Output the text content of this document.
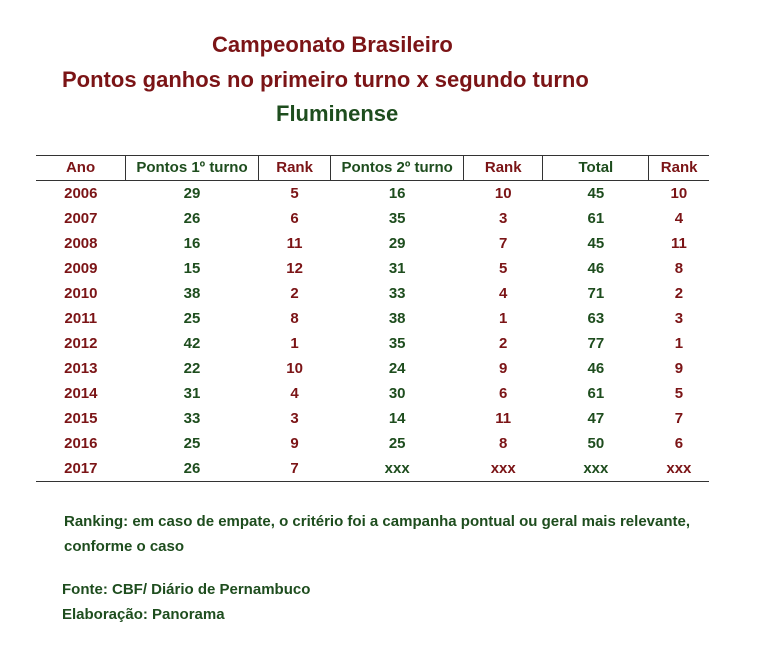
Campeonato Brasileiro
Pontos ganhos no primeiro turno x segundo turno
Fluminense
Ano	Pontos 1º turno	Rank	Pontos 2º turno	Rank	Total	Rank
2006	29	5	16	10	45	10
2007	26	6	35	3	61	4
2008	16	11	29	7	45	11
2009	15	12	31	5	46	8
2010	38	2	33	4	71	2
2011	25	8	38	1	63	3
2012	42	1	35	2	77	1
2013	22	10	24	9	46	9
2014	31	4	30	6	61	5
2015	33	3	14	11	47	7
2016	25	9	25	8	50	6
2017	26	7	xxx	xxx	xxx	xxx
Ranking: em caso de empate, o critério foi a campanha pontual ou geral mais relevante, conforme o caso
Fonte: CBF/ Diário de Pernambuco
Elaboração: Panorama
